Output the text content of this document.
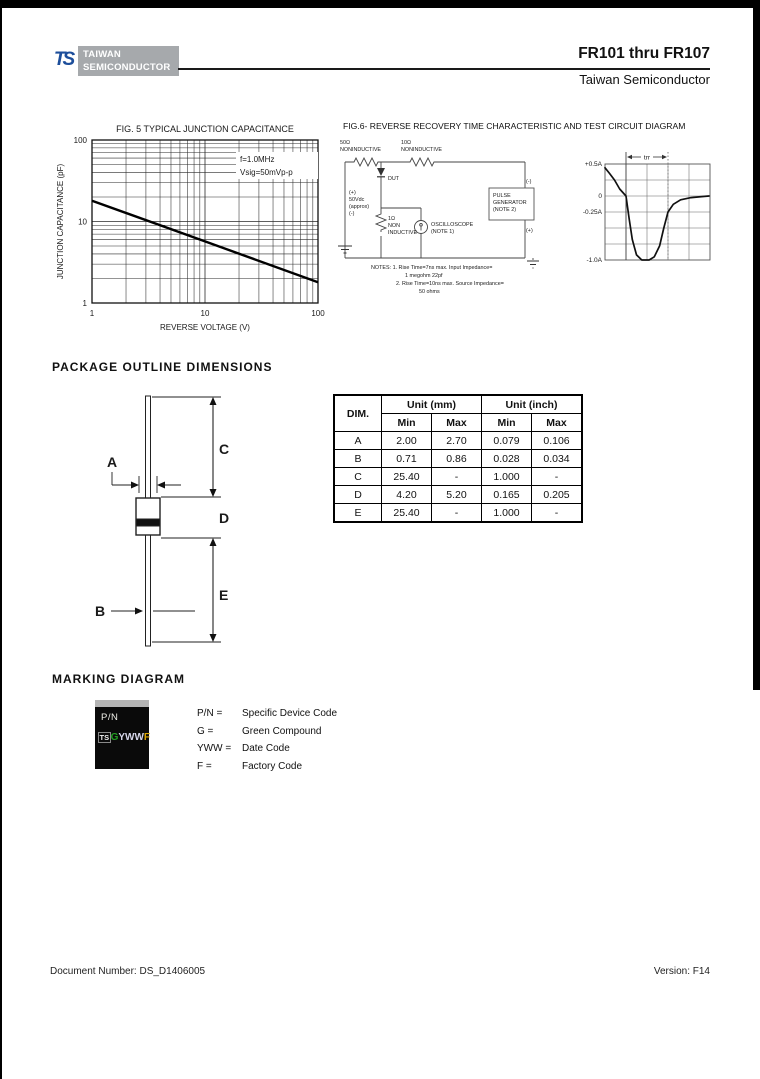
TS	TAIWAN
SEMICONDUCTOR
FR101 thru FR107
Taiwan Semiconductor
f=1.0MHz
Vsig=50mVp-p
1	10	100
100
10
1
FIG. 5 TYPICAL JUNCTION CAPACITANCE
REVERSE VOLTAGE (V)
JUNCTION CAPACITANCE (pF)
FIG.6- REVERSE RECOVERY TIME CHARACTERISTIC AND TEST CIRCUIT DIAGRAM
50Ω
NONINDUCTIVE
10Ω
NONINDUCTIVE
DUT
(+)
50Vdc
(approx)
(-)
1Ω
NON
INDUCTIVE
OSCILLOSCOPE
(NOTE 1)
PULSE
GENERATOR
(NOTE 2)
(-)
(+)
NOTES: 1. Rise Time=7ns max. Input Impedance=
1 megohm 22pf
2. Rise Time=10ns max. Source Impedance=
50 ohms
trr
+0.5A
0
-0.25A
-1.0A
PACKAGE OUTLINE DIMENSIONS
A
B
C
D
E
DIM.	Unit (mm)		Unit (inch)	
	Min	Max	Min	Max
A	2.00	2.70	0.079	0.106
B	0.71	0.86	0.028	0.034
C	25.40	-	1.000	-
D	4.20	5.20	0.165	0.205
E	25.40	-	1.000	-
MARKING DIAGRAM
P/N
TS GYWWF
P/N =	Specific Device Code
G =	Green Compound
YWW =	Date Code
F =	Factory Code
Document Number: DS_D1406005	Version: F14
